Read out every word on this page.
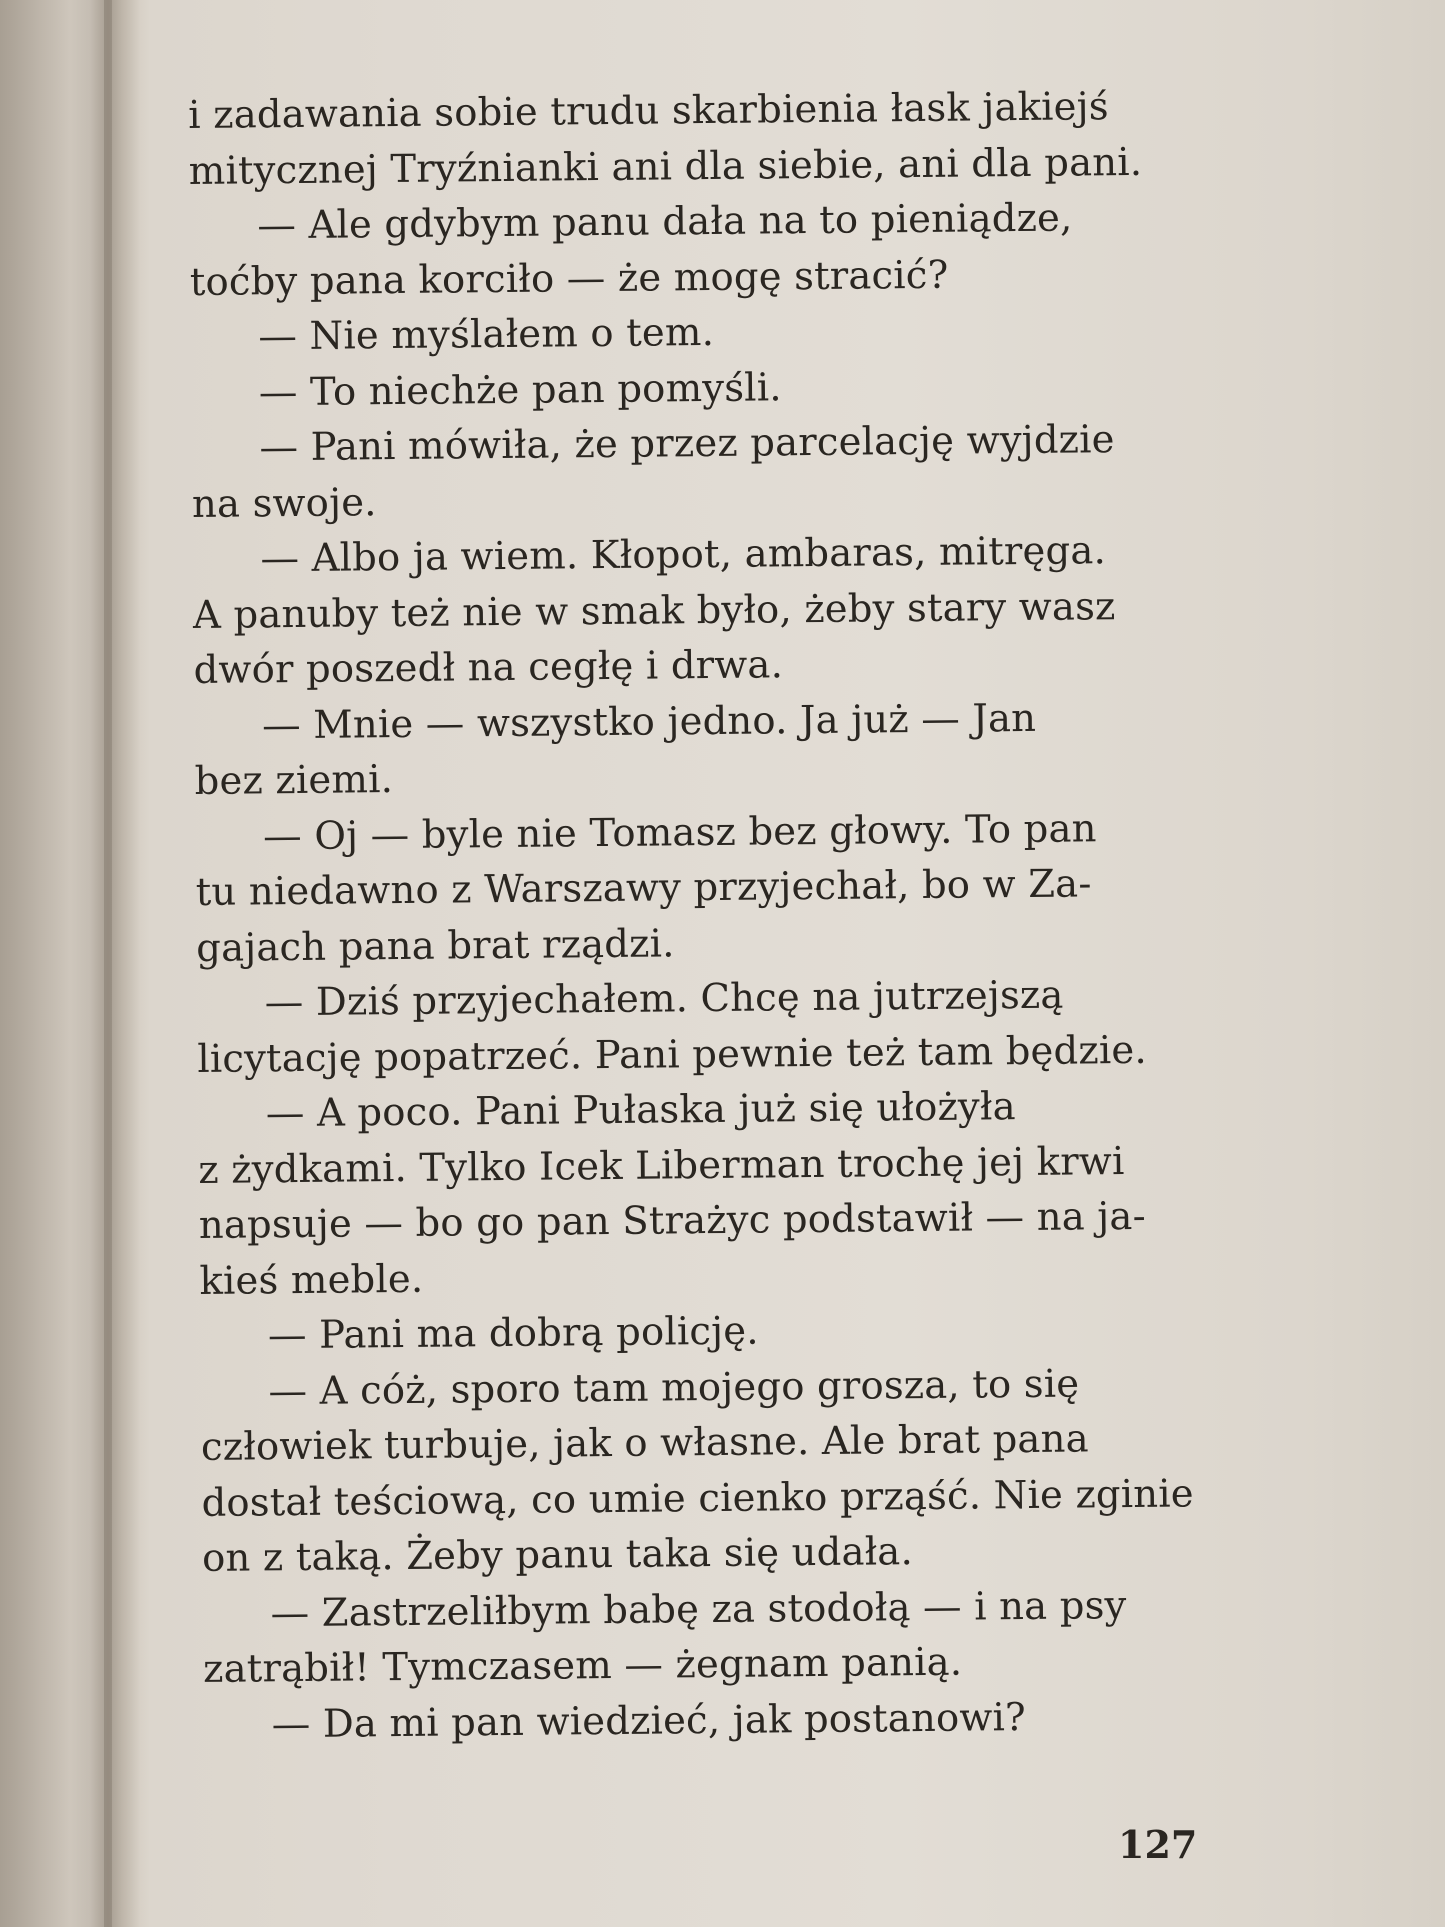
i zadawania sobie trudu skarbienia łask jakiejś
mitycznej Tryźnianki ani dla siebie, ani dla pani.

— Ale gdybym panu dała na to pieniądze,
toćby pana korciło — że mogę stracić?

— Nie myślałem o tem.

— To niechże pan pomyśli.

— Pani mówiła, że przez parcelację wyjdzie
na swoje.

— Albo ja wiem. Kłopot, ambaras, mitręga.
A panuby też nie w smak było, żeby stary wasz
dwór poszedł na cegłę i drwa.

— Mnie — wszystko jedno. Ja już — Jan
bez ziemi.

— Oj — byle nie Tomasz bez głowy. To pan
tu niedawno z Warszawy przyjechał, bo w Za-
gajach pana brat rządzi.

— Dziś przyjechałem. Chcę na jutrzejszą
licytację popatrzeć. Pani pewnie też tam będzie.

— A poco. Pani Pułaska już się ułożyła
z żydkami. Tylko Icek Liberman trochę jej krwi
napsuje — bo go pan Strażyc podstawił — na ja-
kieś meble.

— Pani ma dobrą policję.

— A cóż, sporo tam mojego grosza, to się
człowiek turbuje, jak o własne. Ale brat pana
dostał teściową, co umie cienko prząść. Nie zginie
on z taką. Żeby panu taka się udała.

— Zastrzeliłbym babę za stodołą — i na psy
zatrąbił! Tymczasem — żegnam panią.

— Da mi pan wiedzieć, jak postanowi?

127
